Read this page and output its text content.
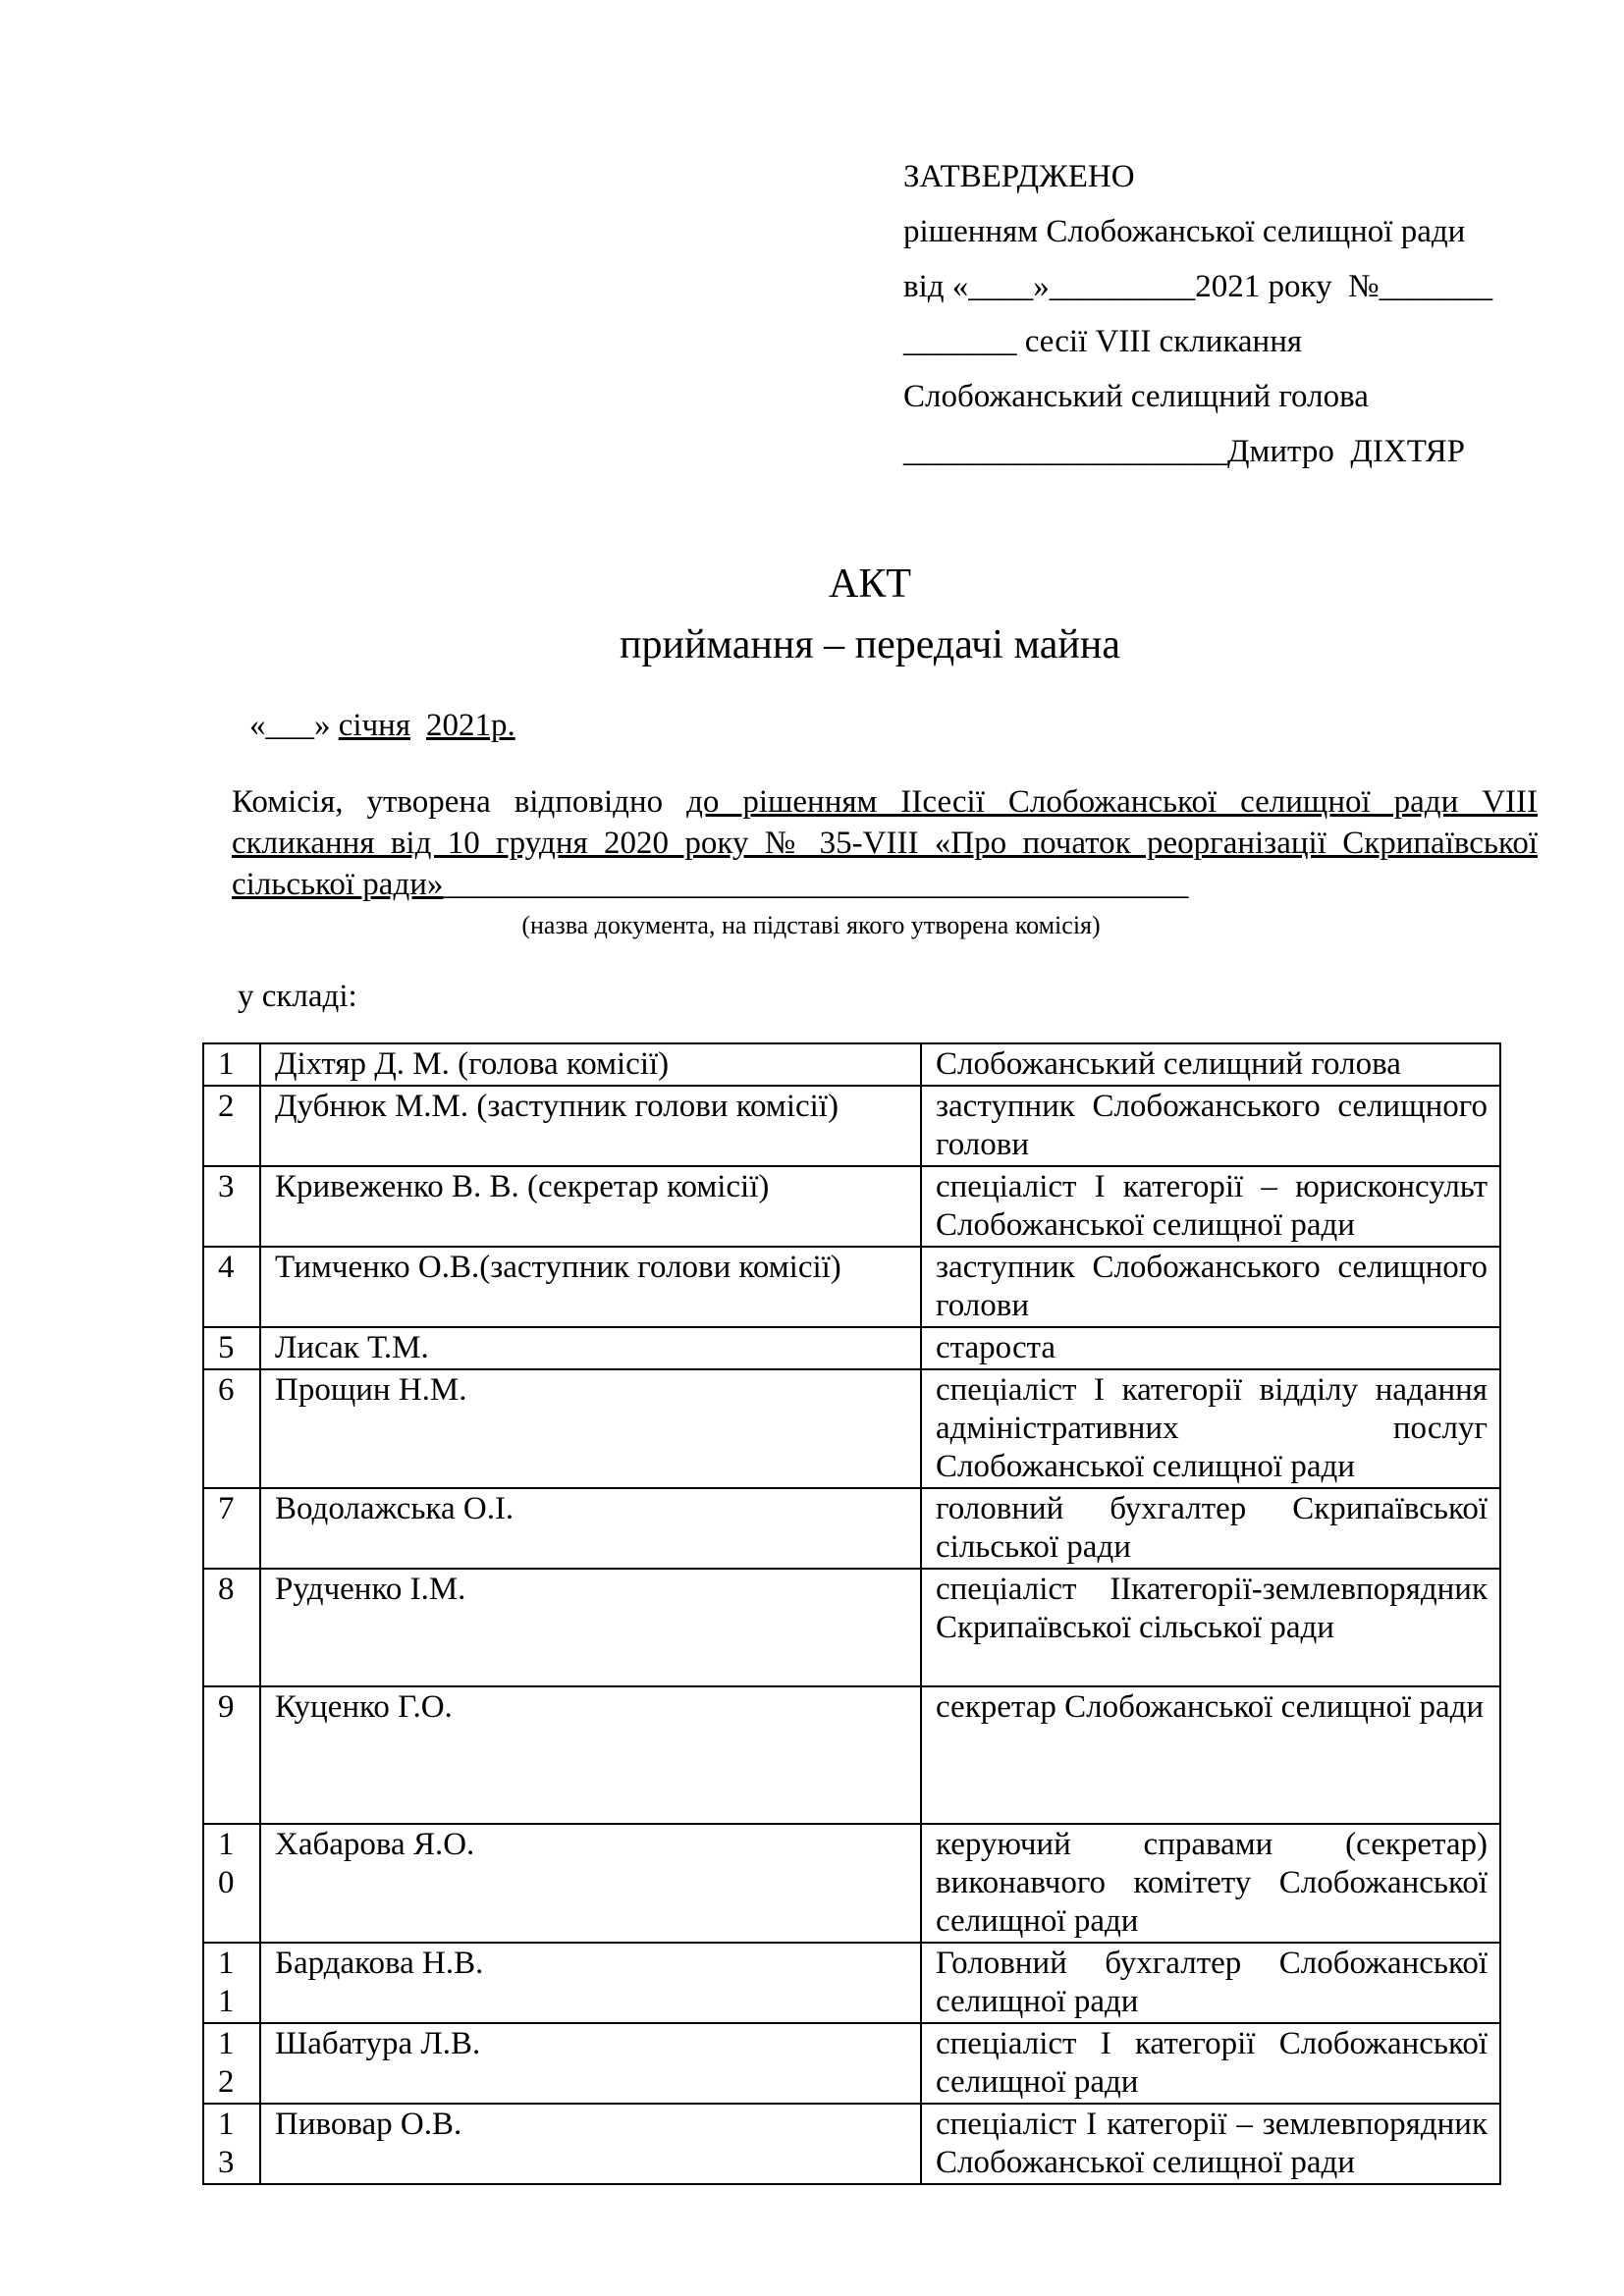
ЗАТВЕРДЖЕНО
рішенням Слобожанської селищної ради
від «____»_________2021 року  №_______
_______ сесії VIII скликання
Слобожанський селищний голова
____________________Дмитро  ДІХТЯР
АКТ
приймання – передачі майна
«___» січня 2021р.

Комісія, утворена відповідно до рішенням ІІсесії Слобожанської селищної ради VIII скликання від 10 грудня 2020 року № 35-VIII «Про початок реорганізації Скрипаївської сільської ради»______________________________________________

(назва документа, на підставі якого утворена комісія)
у складі:
1	Діхтяр Д. М. (голова комісії)	Слобожанський селищний голова
2	Дубнюк М.М. (заступник голови комісії)	заступник Слобожанського селищного голови
3	Кривеженко В. В. (секретар комісії)	спеціаліст І категорії – юрисконсульт Слобожанської селищної ради
4	Тимченко О.В.(заступник голови комісії)	заступник Слобожанського селищного голови
5	Лисак Т.М.	староста
6	Прощин Н.М.	спеціаліст І категорії відділу надання адміністративних послуг Слобожанської селищної ради
7	Водолажська О.І.	головний бухгалтер Скрипаївської сільської ради
8	Рудченко І.М.	спеціаліст ІІкатегорії-землевпорядник Скрипаївської сільської ради
9	Куценко Г.О.	секретар Слобожанської селищної ради
10	Хабарова Я.О.	керуючий справами (секретар) виконавчого комітету Слобожанської селищної ради
11	Бардакова Н.В.	Головний бухгалтер Слобожанської селищної ради
12	Шабатура Л.В.	спеціаліст І категорії Слобожанської селищної ради
13	Пивовар О.В.	спеціаліст І категорії – землевпорядник Слобожанської селищної ради
